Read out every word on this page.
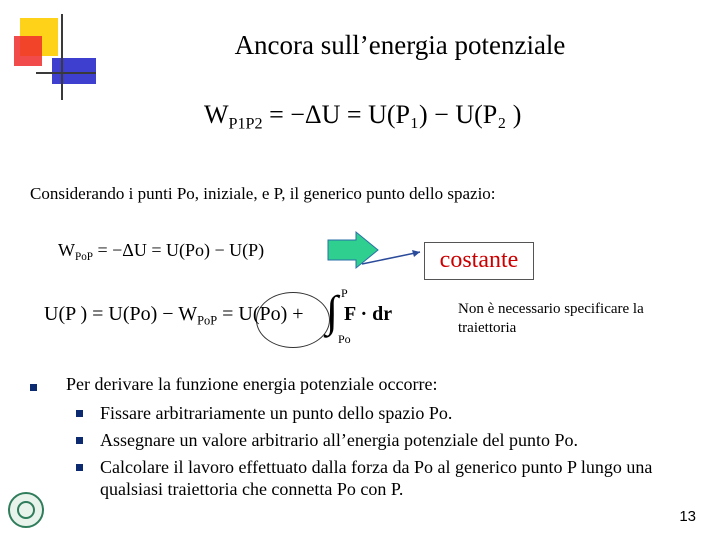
Ancora sull’energia potenziale
$W_{P1P2} = -\Delta U = U(P_1) - U(P_2$ )
Considerando i punti Po, iniziale, e P, il generico punto dello spazio:
$W_{PoP} = -\Delta U = U(Po) - U(P)$	costante
U(P ) = $U(Po) - W_{PoP} = U(Po)$ + ∫ P
Po
F · dr	Non è necessario specificare la traiettoria
Per derivare la funzione energia potenziale occorre:
Fissare arbitrariamente un punto dello spazio Po.
Assegnare un valore arbitrario all’energia potenziale del punto Po.
Calcolare il lavoro effettuato dalla forza da Po al generico punto P lungo una qualsiasi traiettoria che connetta Po con P.
13
